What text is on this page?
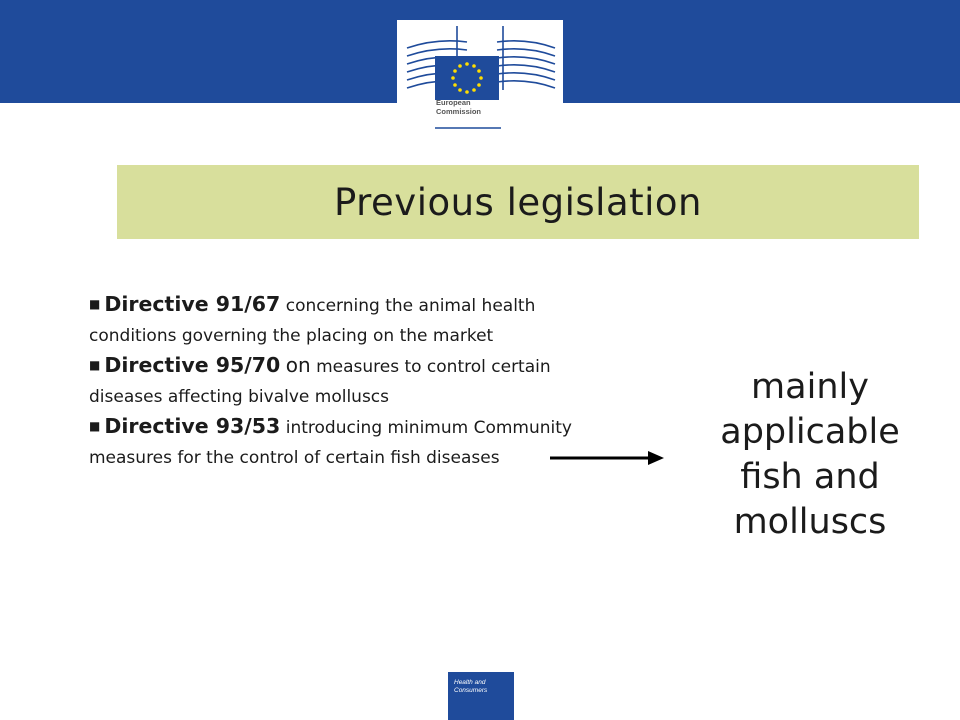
European
Commission
Previous legislation
■ Directive 91/67 concerning the animal health conditions governing the placing on the market
■ Directive 95/70 on measures to control certain diseases affecting bivalve molluscs
■ Directive 93/53 introducing minimum Community measures for the control of certain fish diseases
mainly
applicable
fish and
molluscs
Health and
Consumers
